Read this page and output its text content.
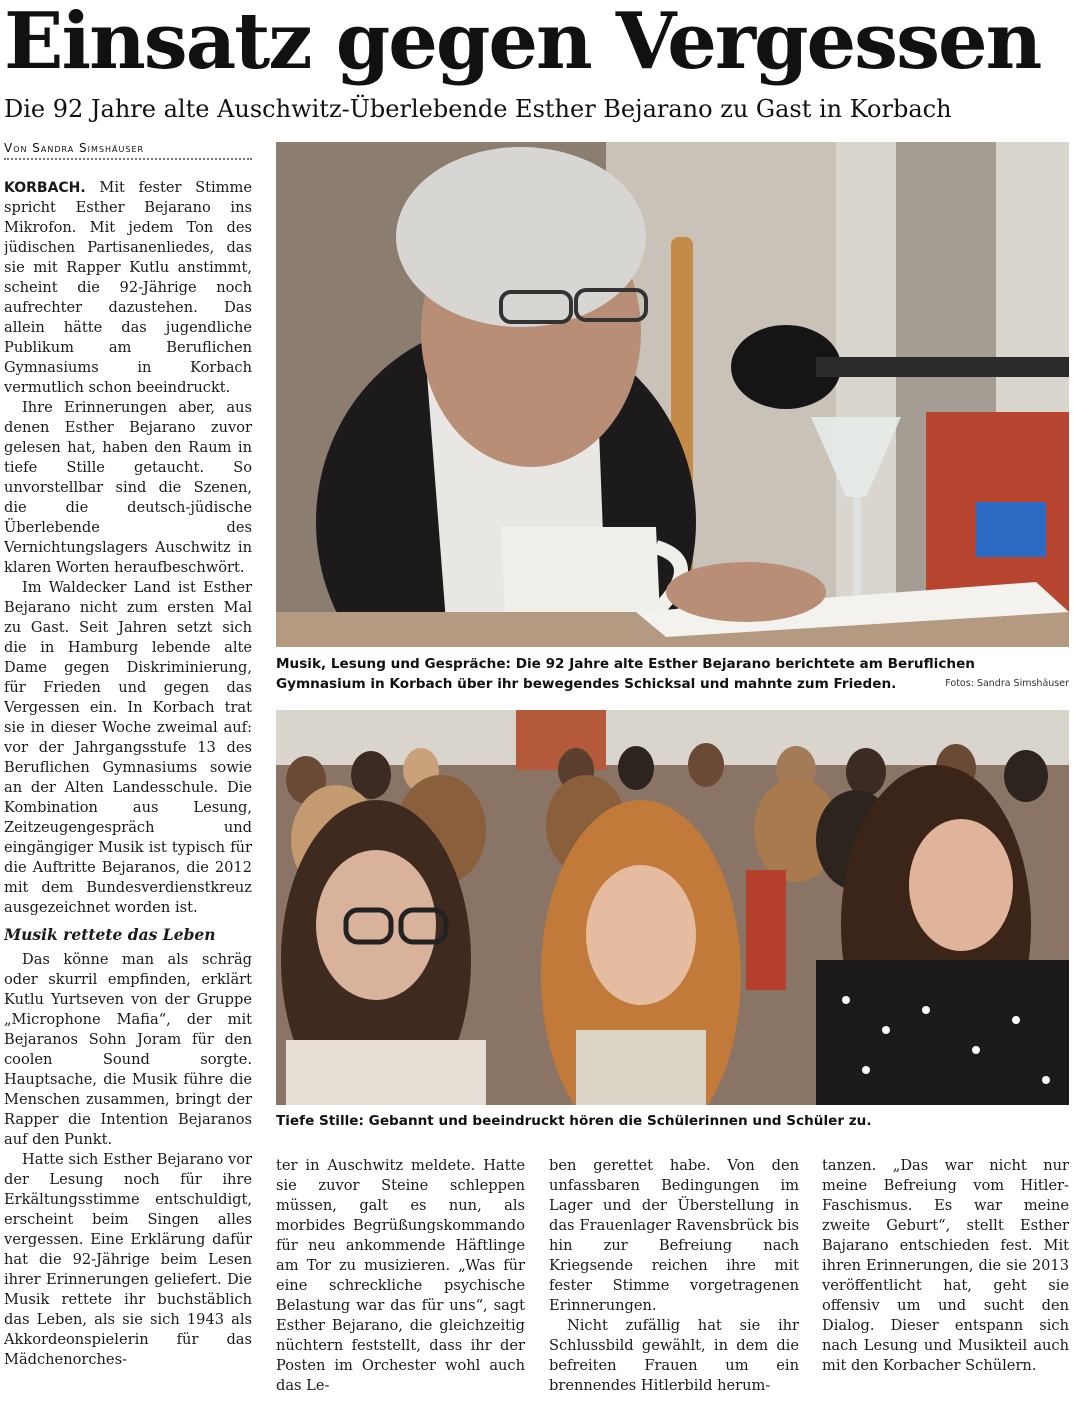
Einsatz gegen Vergessen
Die 92 Jahre alte Auschwitz-Überlebende Esther Bejarano zu Gast in Korbach
Von Sandra Simshäuser

KORBACH. Mit fester Stimme spricht Esther Bejarano ins Mikrofon. Mit jedem Ton des jüdischen Partisanenliedes, das sie mit Rapper Kutlu anstimmt, scheint die 92-Jährige noch aufrechter dazustehen. Das allein hätte das jugendliche Publikum am Beruflichen Gymnasiums in Korbach vermutlich schon beeindruckt.

Ihre Erinnerungen aber, aus denen Esther Bejarano zuvor gelesen hat, haben den Raum in tiefe Stille getaucht. So unvorstellbar sind die Szenen, die die deutsch-jüdische Überlebende des Vernichtungslagers Auschwitz in klaren Worten heraufbeschwört.

Im Waldecker Land ist Esther Bejarano nicht zum ersten Mal zu Gast. Seit Jahren setzt sich die in Hamburg lebende alte Dame gegen Diskriminierung, für Frieden und gegen das Vergessen ein. In Korbach trat sie in dieser Woche zweimal auf: vor der Jahrgangsstufe 13 des Beruflichen Gymnasiums sowie an der Alten Landesschule. Die Kombination aus Lesung, Zeitzeugengespräch und eingängiger Musik ist typisch für die Auftritte Bejaranos, die 2012 mit dem Bundesverdienstkreuz ausgezeichnet worden ist.

Musik rettete das Leben

Das könne man als schräg oder skurril empfinden, erklärt Kutlu Yurtseven von der Gruppe „Microphone Mafia“, der mit Bejaranos Sohn Joram für den coolen Sound sorgte. Hauptsache, die Musik führe die Menschen zusammen, bringt der Rapper die Intention Bejaranos auf den Punkt.

Hatte sich Esther Bejarano vor der Lesung noch für ihre Erkältungsstimme entschuldigt, erscheint beim Singen alles vergessen. Eine Erklärung dafür hat die 92-Jährige beim Lesen ihrer Erinnerungen geliefert. Die Musik rettete ihr buchstäblich das Leben, als sie sich 1943 als Akkordeonspielerin für das Mädchenorches-

Musik, Lesung und Gespräche: Die 92 Jahre alte Esther Bejarano berichtete am Beruflichen Gymnasium in Korbach über ihr bewegendes Schicksal und mahnte zum Frieden.	Fotos: Sandra Simshäuser
Tiefe Stille: Gebannt und beeindruckt hören die Schülerinnen und Schüler zu.

ter in Auschwitz meldete. Hatte sie zuvor Steine schleppen müssen, galt es nun, als morbides Begrüßungskommando für neu ankommende Häftlinge am Tor zu musizieren. „Was für eine schreckliche psychische Belastung war das für uns“, sagt Esther Bejarano, die gleichzeitig nüchtern feststellt, dass ihr der Posten im Orchester wohl auch das Le-

ben gerettet habe. Von den unfassbaren Bedingungen im Lager und der Überstellung in das Frauenlager Ravensbrück bis hin zur Befreiung nach Kriegsende reichen ihre mit fester Stimme vorgetragenen Erinnerungen.

Nicht zufällig hat sie ihr Schlussbild gewählt, in dem die befreiten Frauen um ein brennendes Hitlerbild herum-

tanzen. „Das war nicht nur meine Befreiung vom Hitler-Faschismus. Es war meine zweite Geburt“, stellt Esther Bajarano entschieden fest. Mit ihren Erinnerungen, die sie 2013 veröffentlicht hat, geht sie offensiv um und sucht den Dialog. Dieser entspann sich nach Lesung und Musikteil auch mit den Korbacher Schülern.
